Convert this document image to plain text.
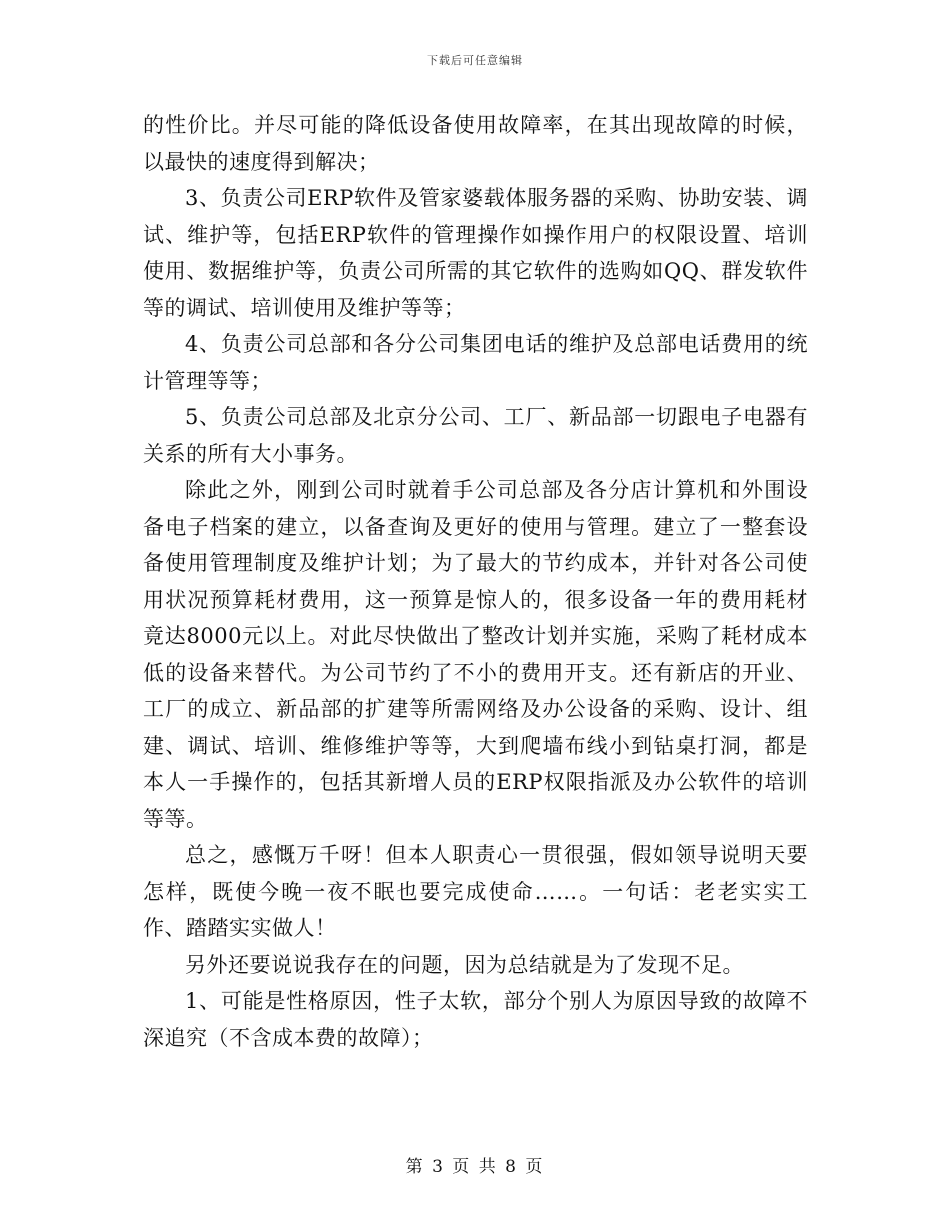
下载后可任意编辑

的性价比。并尽可能的降低设备使用故障率，在其出现故障的时候，以最快的速度得到解决；

3、负责公司ERP软件及管家婆载体服务器的采购、协助安装、调试、维护等，包括ERP软件的管理操作如操作用户的权限设置、培训使用、数据维护等，负责公司所需的其它软件的选购如QQ、群发软件等的调试、培训使用及维护等等；

4、负责公司总部和各分公司集团电话的维护及总部电话费用的统计管理等等；

5、负责公司总部及北京分公司、工厂、新品部一切跟电子电器有关系的所有大小事务。

除此之外，刚到公司时就着手公司总部及各分店计算机和外围设备电子档案的建立，以备查询及更好的使用与管理。建立了一整套设备使用管理制度及维护计划；为了最大的节约成本，并针对各公司使用状况预算耗材费用，这一预算是惊人的，很多设备一年的费用耗材竟达8000元以上。对此尽快做出了整改计划并实施，采购了耗材成本低的设备来替代。为公司节约了不小的费用开支。还有新店的开业、工厂的成立、新品部的扩建等所需网络及办公设备的采购、设计、组建、调试、培训、维修维护等等，大到爬墙布线小到钻桌打洞，都是本人一手操作的，包括其新增人员的ERP权限指派及办公软件的培训等等。

总之，感慨万千呀！但本人职责心一贯很强，假如领导说明天要怎样，既使今晚一夜不眠也要完成使命……。一句话：老老实实工作、踏踏实实做人！

另外还要说说我存在的问题，因为总结就是为了发现不足。

1、可能是性格原因，性子太软，部分个别人为原因导致的故障不深追究（不含成本费的故障）；

第 3 页 共 8 页
